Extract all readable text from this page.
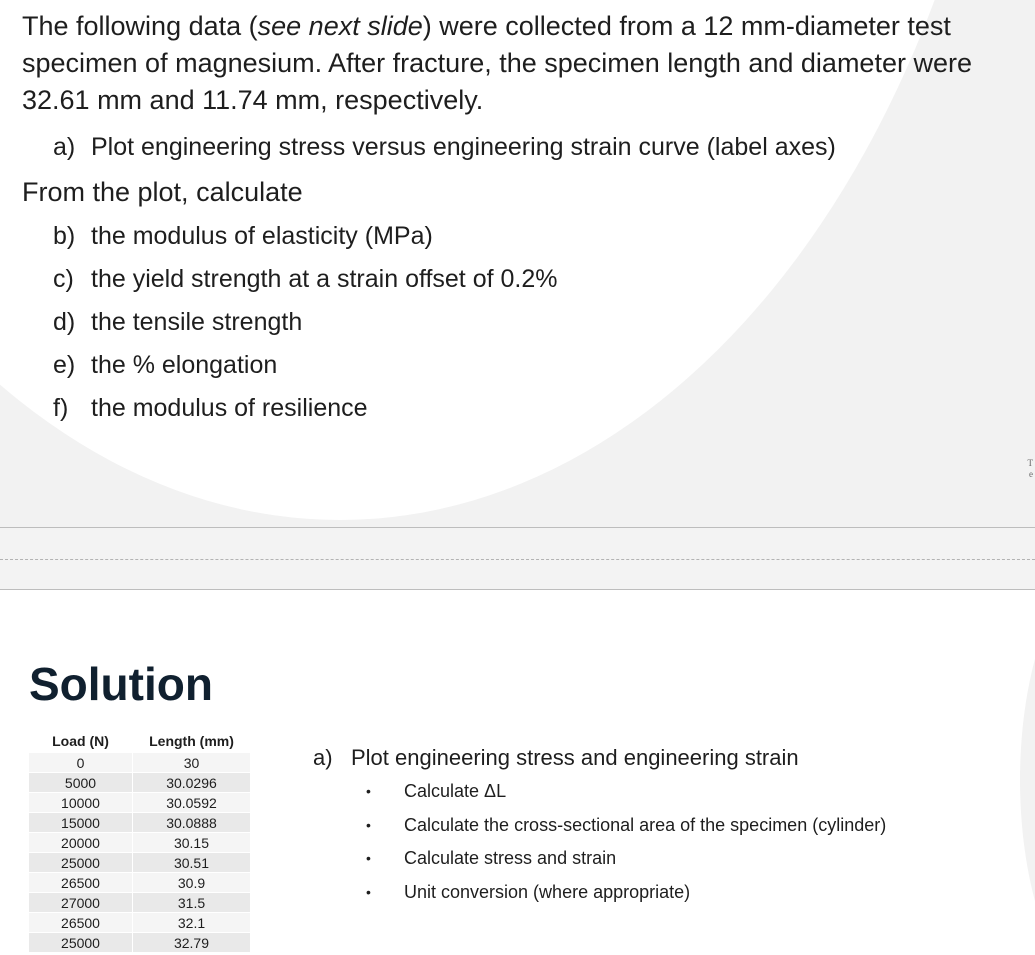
The following data (see next slide) were collected from a 12 mm-diameter test specimen of magnesium. After fracture, the specimen length and diameter were 32.61 mm and 11.74 mm, respectively.

a) Plot engineering stress versus engineering strain curve (label axes)
From the plot, calculate
b) the modulus of elasticity (MPa)
c) the yield strength at a strain offset of 0.2%
d) the tensile strength
e) the % elongation
f) the modulus of resilience
T
e
Solution
Load (N)	Length (mm)
0	30
5000	30.0296
10000	30.0592
15000	30.0888
20000	30.15
25000	30.51
26500	30.9
27000	31.5
26500	32.1
25000	32.79
a) Plot engineering stress and engineering strain
•	Calculate ΔL
•	Calculate the cross-sectional area of the specimen (cylinder)
•	Calculate stress and strain
•	Unit conversion (where appropriate)
